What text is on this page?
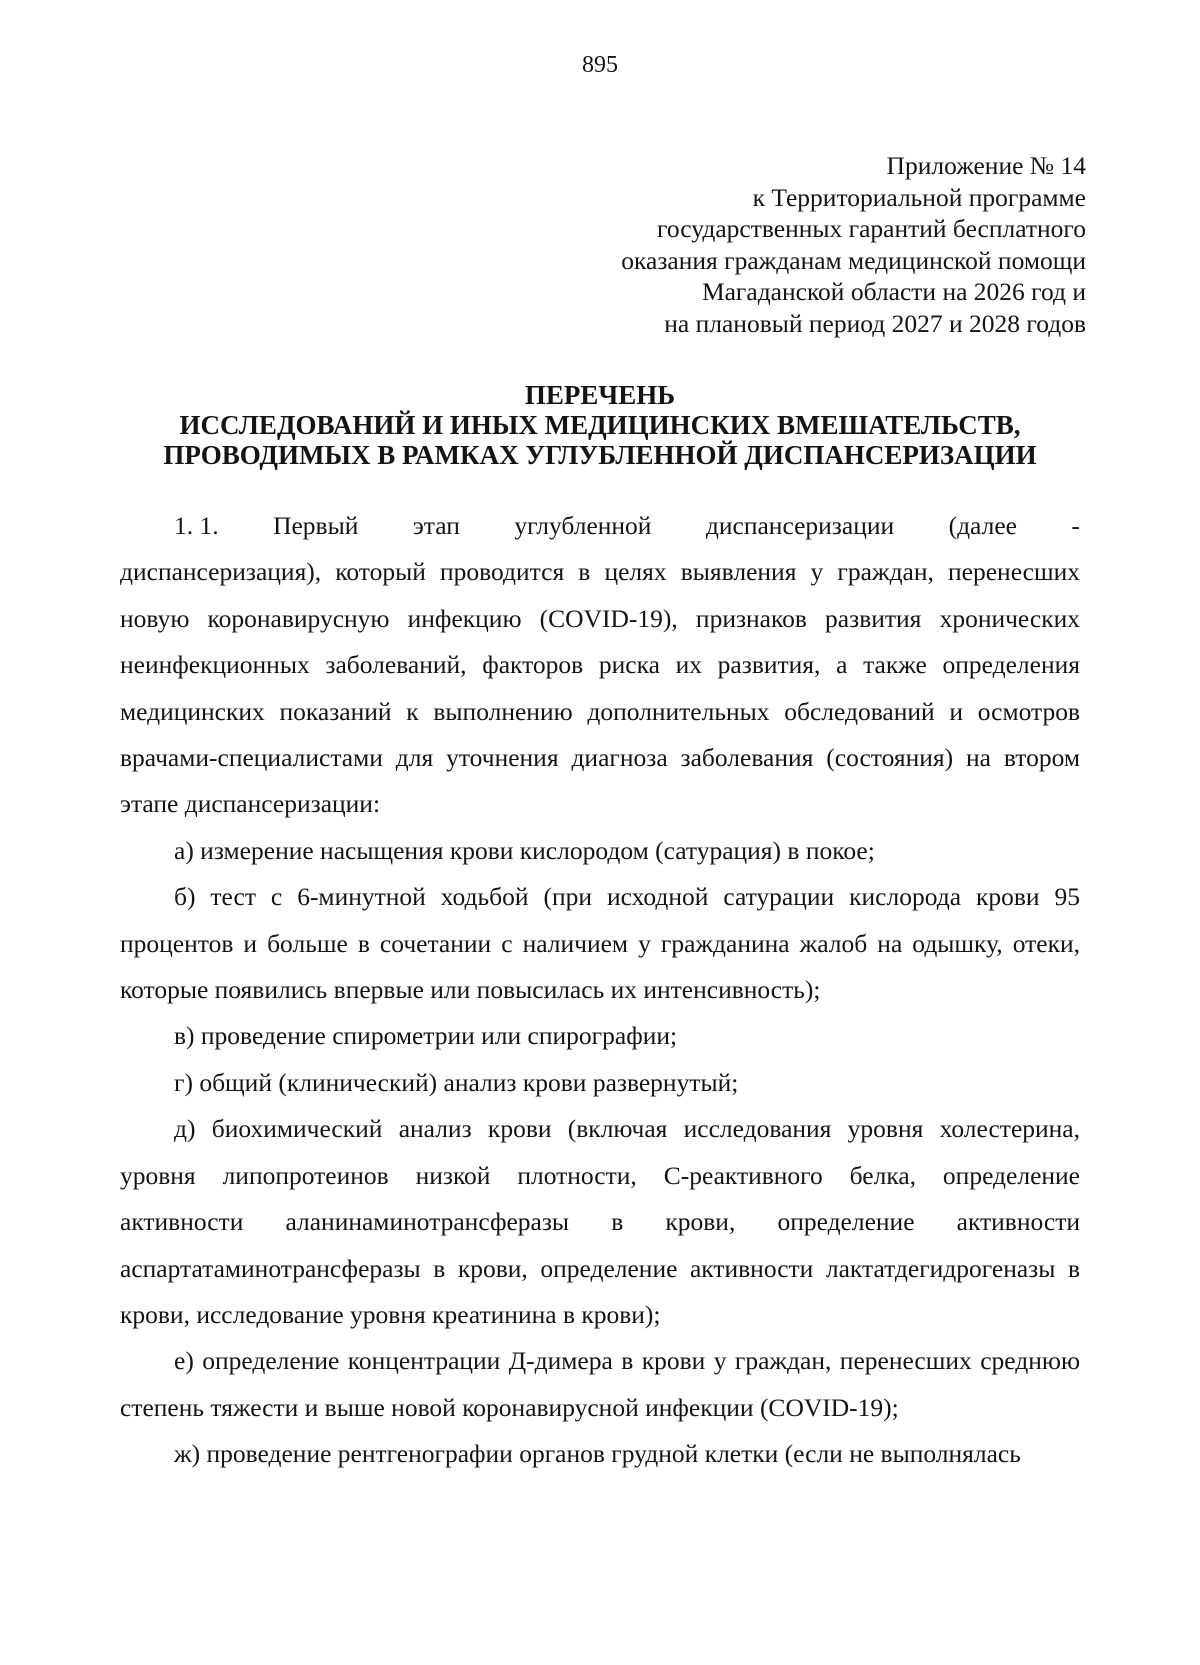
895
Приложение № 14
к Территориальной программе
государственных гарантий бесплатного
оказания гражданам медицинской помощи
Магаданской области на 2026 год и
на плановый период 2027 и 2028 годов
ПЕРЕЧЕНЬ
ИССЛЕДОВАНИЙ И ИНЫХ МЕДИЦИНСКИХ ВМЕШАТЕЛЬСТВ,
ПРОВОДИМЫХ В РАМКАХ УГЛУБЛЕННОЙ ДИСПАНСЕРИЗАЦИИ
1. 1. Первый этап углубленной диспансеризации (далее -

диспансеризация), который проводится в целях выявления у граждан, перенесших новую коронавирусную инфекцию (COVID-19), признаков развития хронических неинфекционных заболеваний, факторов риска их развития, а также определения медицинских показаний к выполнению дополнительных обследований и осмотров врачами-специалистами для уточнения диагноза заболевания (состояния) на втором этапе диспансеризации:

а) измерение насыщения крови кислородом (сатурация) в покое;

б) тест с 6-минутной ходьбой (при исходной сатурации кислорода крови 95 процентов и больше в сочетании с наличием у гражданина жалоб на одышку, отеки, которые появились впервые или повысилась их интенсивность);

в) проведение спирометрии или спирографии;

г) общий (клинический) анализ крови развернутый;

д) биохимический анализ крови (включая исследования уровня холестерина, уровня липопротеинов низкой плотности, С-реактивного белка, определение активности аланинаминотрансферазы в крови, определение активности аспартатаминотрансферазы в крови, определение активности лактатдегидрогеназы в крови, исследование уровня креатинина в крови);

е) определение концентрации Д-димера в крови у граждан, перенесших среднюю степень тяжести и выше новой коронавирусной инфекции (COVID-19);

ж) проведение рентгенографии органов грудной клетки (если не выполнялась
